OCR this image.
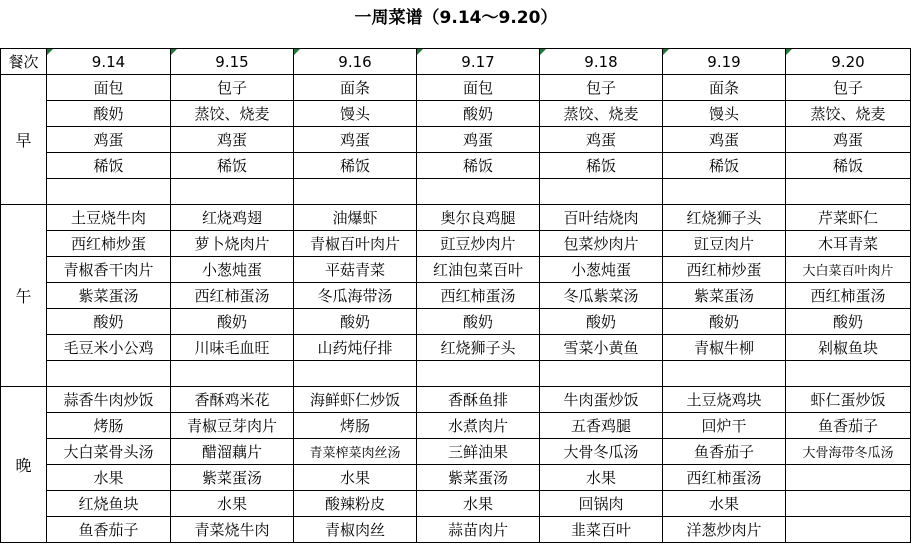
一周菜谱（9.14～9.20）
餐次	9.14	9.15	9.16	9.17	9.18	9.19	9.20
早	面包	包子	面条	面包	包子	面条	包子
	酸奶	蒸饺、烧麦	馒头	酸奶	蒸饺、烧麦	馒头	蒸饺、烧麦
	鸡蛋	鸡蛋	鸡蛋	鸡蛋	鸡蛋	鸡蛋	鸡蛋
	稀饭	稀饭	稀饭	稀饭	稀饭	稀饭	稀饭

午	土豆烧牛肉	红烧鸡翅	油爆虾	奥尔良鸡腿	百叶结烧肉	红烧狮子头	芹菜虾仁
	西红柿炒蛋	萝卜烧肉片	青椒百叶肉片	豇豆炒肉片	包菜炒肉片	豇豆肉片	木耳青菜
	青椒香干肉片	小葱炖蛋	平菇青菜	红油包菜百叶	小葱炖蛋	西红柿炒蛋	大白菜百叶肉片
	紫菜蛋汤	西红柿蛋汤	冬瓜海带汤	西红柿蛋汤	冬瓜紫菜汤	紫菜蛋汤	西红柿蛋汤
	酸奶	酸奶	酸奶	酸奶	酸奶	酸奶	酸奶
	毛豆米小公鸡	川味毛血旺	山药炖仔排	红烧狮子头	雪菜小黄鱼	青椒牛柳	剁椒鱼块

晚	蒜香牛肉炒饭	香酥鸡米花	海鲜虾仁炒饭	香酥鱼排	牛肉蛋炒饭	土豆烧鸡块	虾仁蛋炒饭
	烤肠	青椒豆芽肉片	烤肠	水煮肉片	五香鸡腿	回炉干	鱼香茄子
	大白菜骨头汤	醋溜藕片	青菜榨菜肉丝汤	三鲜油果	大骨冬瓜汤	鱼香茄子	大骨海带冬瓜汤
	水果	紫菜蛋汤	水果	紫菜蛋汤	水果	西红柿蛋汤	
	红烧鱼块	水果	酸辣粉皮	水果	回锅肉	水果	
	鱼香茄子	青菜烧牛肉	青椒肉丝	蒜苗肉片	韭菜百叶	洋葱炒肉片	
